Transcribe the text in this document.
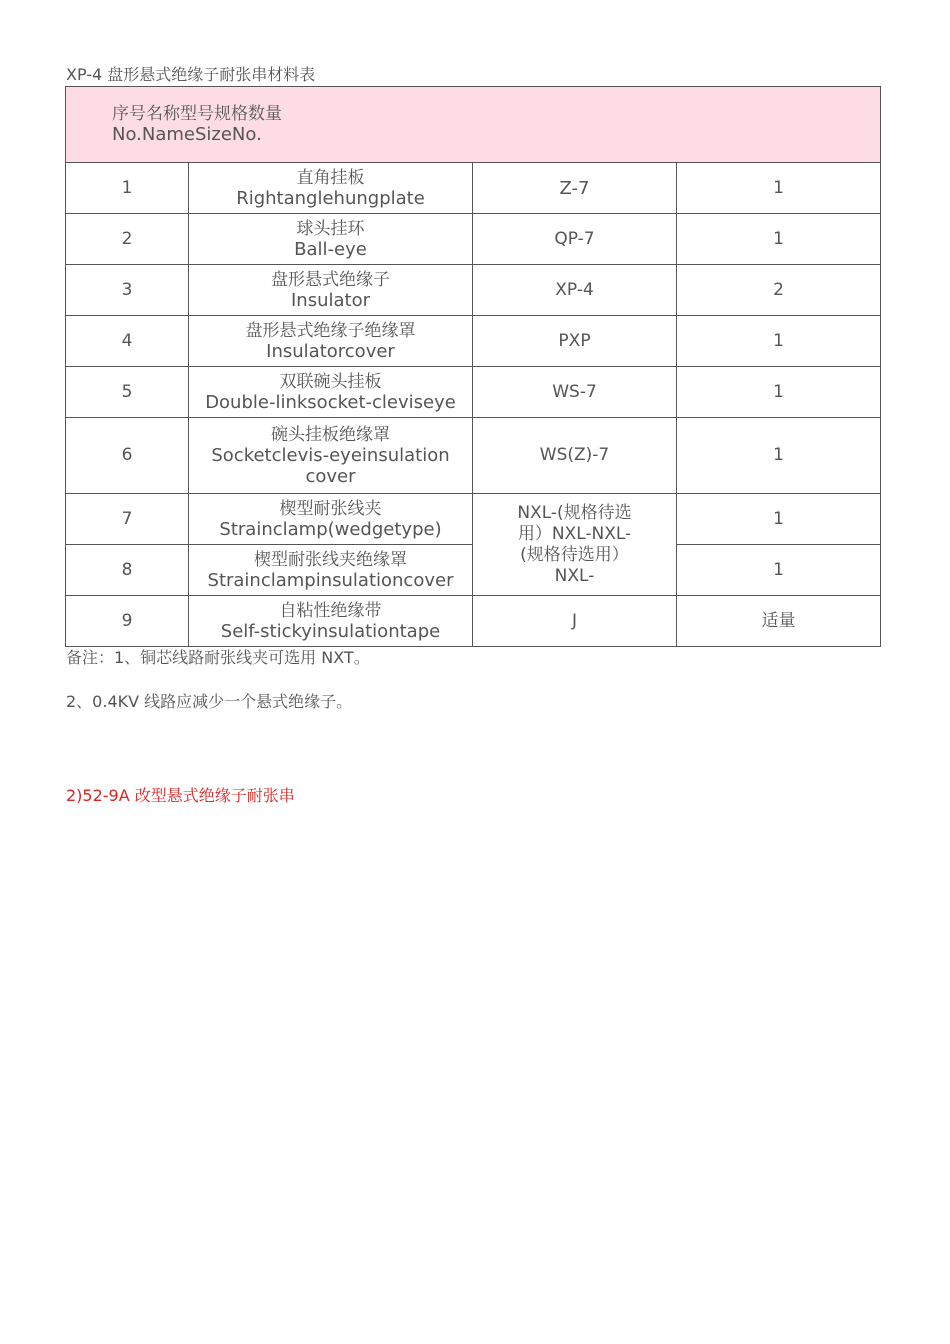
XP-4 盘形悬式绝缘子耐张串材料表
序号名称型号规格数量
No.NameSizeNo.			

1	直角挂板
Rightanglehungplate	Z-7	1
2	球头挂环
Ball-eye	QP-7	1
3	盘形悬式绝缘子
Insulator	XP-4	2
4	盘形悬式绝缘子绝缘罩
Insulatorcover	PXP	1
5	双联碗头挂板
Double-linksocket-cleviseye	WS-7	1
6	碗头挂板绝缘罩
Socketclevis-eyeinsulation cover	WS(Z)-7	1
7	楔型耐张线夹
Strainclamp(wedgetype)	NXL-(规格待选用）NXL-NXL-(规格待选用）NXL-	1
8	楔型耐张线夹绝缘罩
Strainclampinsulationcover		1
9	自粘性绝缘带
Self-stickyinsulationtape	J	适量
备注：1、铜芯线路耐张线夹可选用 NXT。
2、0.4KV 线路应减少一个悬式绝缘子。
2)52-9A 改型悬式绝缘子耐张串
